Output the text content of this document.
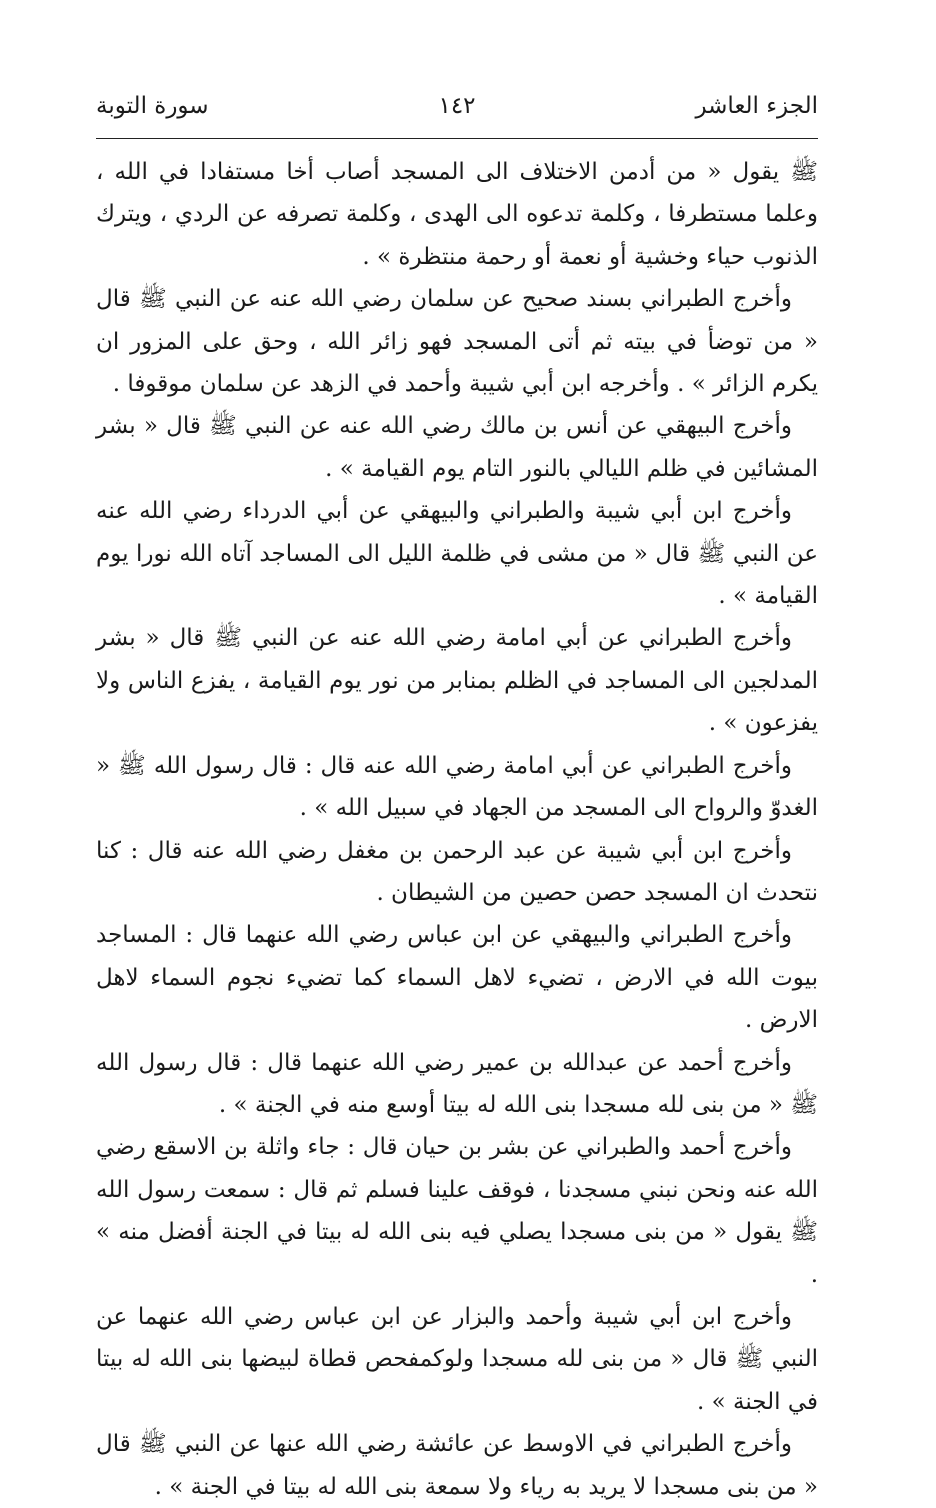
الجزء العاشر
١٤٢
سورة التوبة

ﷺ يقول « من أدمن الاختلاف الى المسجد أصاب أخا مستفادا في الله ، وعلما مستطرفا ، وكلمة تدعوه الى الهدى ، وكلمة تصرفه عن الردي ، ويترك الذنوب حياء وخشية أو نعمة أو رحمة منتظرة » .

وأخرج الطبراني بسند صحيح عن سلمان رضي الله عنه عن النبي ﷺ قال « من توضأ في بيته ثم أتى المسجد فهو زائر الله ، وحق على المزور ان يكرم الزائر » . وأخرجه ابن أبي شيبة وأحمد في الزهد عن سلمان موقوفا .

وأخرج البيهقي عن أنس بن مالك رضي الله عنه عن النبي ﷺ قال « بشر المشائين في ظلم الليالي بالنور التام يوم القيامة » .

وأخرج ابن أبي شيبة والطبراني والبيهقي عن أبي الدرداء رضي الله عنه عن النبي ﷺ قال « من مشى في ظلمة الليل الى المساجد آتاه الله نورا يوم القيامة » .

وأخرج الطبراني عن أبي امامة رضي الله عنه عن النبي ﷺ قال « بشر المدلجين الى المساجد في الظلم بمنابر من نور يوم القيامة ، يفزع الناس ولا يفزعون » .

وأخرج الطبراني عن أبي امامة رضي الله عنه قال : قال رسول الله ﷺ « الغدوّ والرواح الى المسجد من الجهاد في سبيل الله » .

وأخرج ابن أبي شيبة عن عبد الرحمن بن مغفل رضي الله عنه قال : كنا نتحدث ان المسجد حصن حصين من الشيطان .

وأخرج الطبراني والبيهقي عن ابن عباس رضي الله عنهما قال : المساجد بيوت الله في الارض ، تضيء لاهل السماء كما تضيء نجوم السماء لاهل الارض .

وأخرج أحمد عن عبدالله بن عمير رضي الله عنهما قال : قال رسول الله ﷺ « من بنى لله مسجدا بنى الله له بيتا أوسع منه في الجنة » .

وأخرج أحمد والطبراني عن بشر بن حيان قال : جاء واثلة بن الاسقع رضي الله عنه ونحن نبني مسجدنا ، فوقف علينا فسلم ثم قال : سمعت رسول الله ﷺ يقول « من بنى مسجدا يصلي فيه بنى الله له بيتا في الجنة أفضل منه » .

وأخرج ابن أبي شيبة وأحمد والبزار عن ابن عباس رضي الله عنهما عن النبي ﷺ قال « من بنى لله مسجدا ولوكمفحص قطاة لبيضها بنى الله له بيتا في الجنة » .

وأخرج الطبراني في الاوسط عن عائشة رضي الله عنها عن النبي ﷺ قال « من بنى مسجدا لا يريد به رياء ولا سمعة بنى الله له بيتا في الجنة » .
